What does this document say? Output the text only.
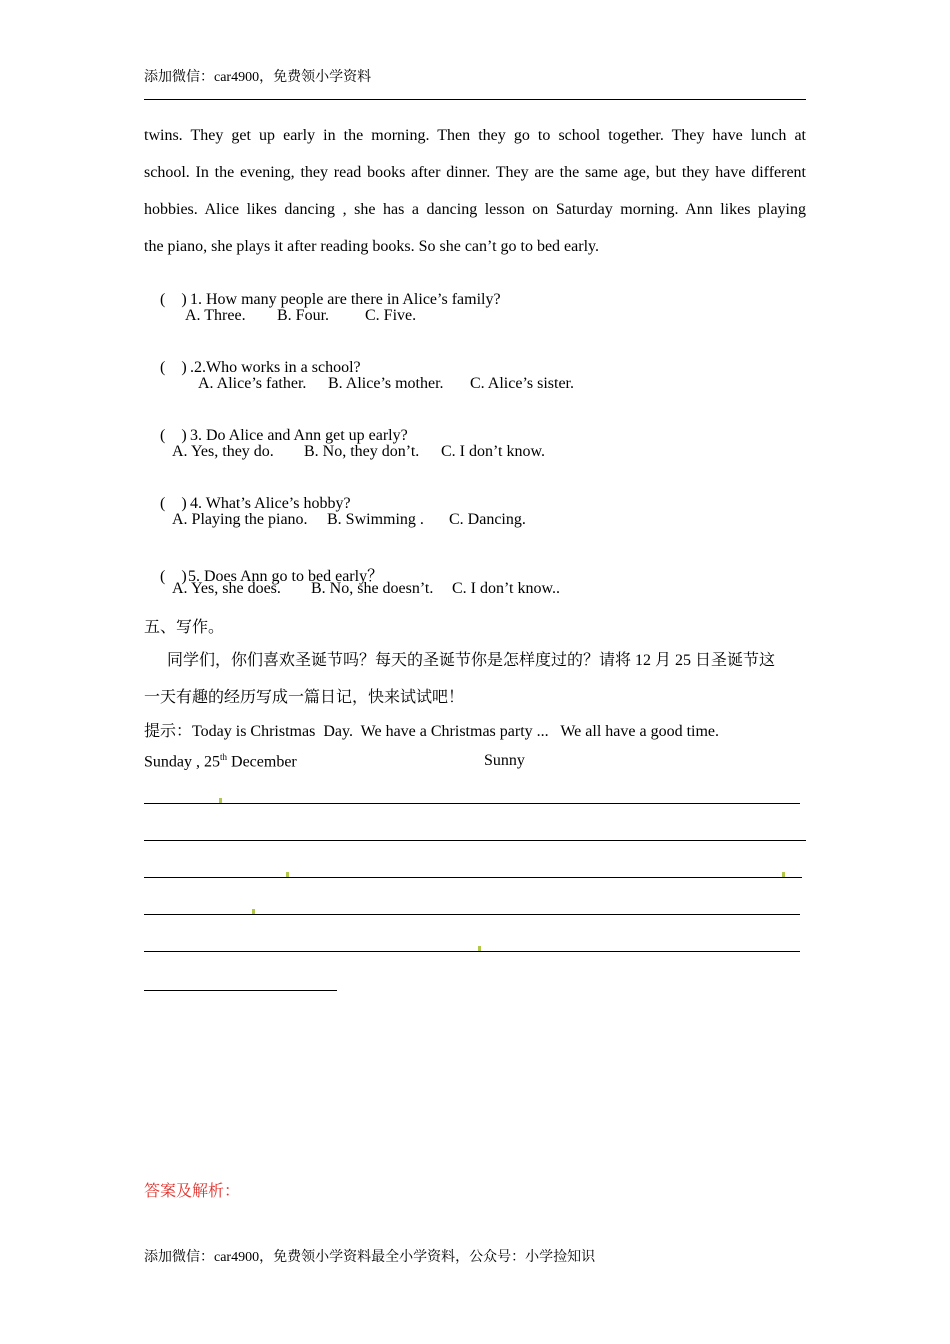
添加微信：car4900，免费领小学资料
twins. They get up early in the morning. Then they go to school together. They have lunch at
school. In the evening, they read books after dinner. They are the same age, but they have different
hobbies. Alice likes dancing , she has a dancing lesson on Saturday morning. Ann likes playing
the piano, she plays it after reading books. So she can’t go to bed early.

(    ) 1. How many people are there in Alice’s family?

A. Three. B. Four. C. Five.

(    ) .2.Who works in a school?

A. Alice’s father. B. Alice’s mother. C. Alice’s sister.

(    ) 3. Do Alice and Ann get up early?

A. Yes, they do. B. No, they don’t. C. I don’t know.

(    ) 4. What’s Alice’s hobby?

A. Playing the piano. B. Swimming . C. Dancing.

(    )5. Does Ann go to bed early？

A. Yes, she does. B. No, she doesn’t. C. I don’t know..
五、写作。
同学们，你们喜欢圣诞节吗？每天的圣诞节你是怎样度过的？请将 12 月 25 日圣诞节这
一天有趣的经历写成一篇日记，快来试试吧！
提示：Today is Christmas  Day.  We have a Christmas party ...   We all have a good time.
Sunday , 25th December	Sunny
答案及解析：
添加微信：car4900，免费领小学资料最全小学资料，公众号：小学捡知识
